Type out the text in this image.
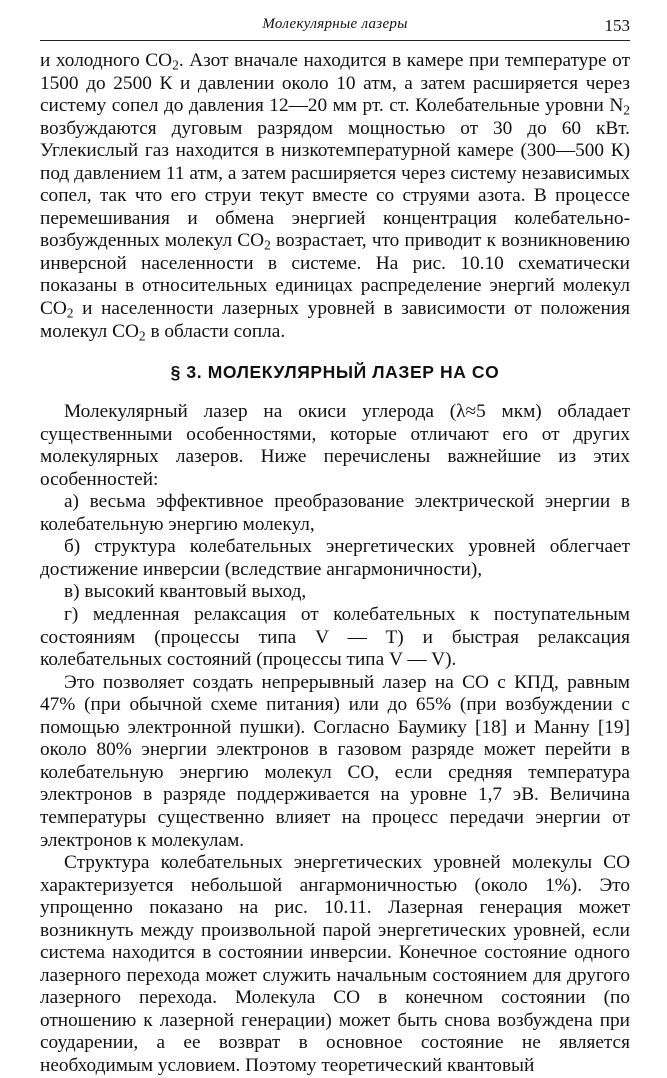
Молекулярные лазеры	153

и холодного $CO_2$. Азот вначале находится в камере при температуре от 1500 до 2500 К и давлении около 10 атм, а затем расширяется через систему сопел до давления 12—20 мм рт. ст. Колебательные уровни $N_2$ возбуждаются дуговым разрядом мощностью от 30 до 60 кВт. Углекислый газ находится в низкотемпературной камере (300—500 К) под давлением 11 атм, а затем расширяется через систему независимых сопел, так что его струи текут вместе со струями азота. В процессе перемешивания и обмена энергией концентрация колебательно-возбужденных молекул $CO_2$ возрастает, что приводит к возникновению инверсной населенности в системе. На рис. 10.10 схематически показаны в относительных единицах распределение энергий молекул $CO_2$ и населенности лазерных уровней в зависимости от положения молекул $CO_2$ в области сопла.

§ 3. МОЛЕКУЛЯРНЫЙ ЛАЗЕР НА CO

Молекулярный лазер на окиси углерода (λ≈5 мкм) обладает существенными особенностями, которые отличают его от других молекулярных лазеров. Ниже перечислены важнейшие из этих особенностей:

а) весьма эффективное преобразование электрической энергии в колебательную энергию молекул,

б) структура колебательных энергетических уровней облегчает достижение инверсии (вследствие ангармоничности),

в) высокий квантовый выход,

г) медленная релаксация от колебательных к поступательным состояниям (процессы типа V — T) и быстрая релаксация колебательных состояний (процессы типа V — V).

Это позволяет создать непрерывный лазер на CO с КПД, равным 47% (при обычной схеме питания) или до 65% (при возбуждении с помощью электронной пушки). Согласно Баумику [18] и Манну [19] около 80% энергии электронов в газовом разряде может перейти в колебательную энергию молекул CO, если средняя температура электронов в разряде поддерживается на уровне 1,7 эВ. Величина температуры существенно влияет на процесс передачи энергии от электронов к молекулам.

Структура колебательных энергетических уровней молекулы CO характеризуется небольшой ангармоничностью (около 1%). Это упрощенно показано на рис. 10.11. Лазерная генерация может возникнуть между произвольной парой энергетических уровней, если система находится в состоянии инверсии. Конечное состояние одного лазерного перехода может служить начальным состоянием для другого лазерного перехода. Молекула CO в конечном состоянии (по отношению к лазерной генерации) может быть снова возбуждена при соударении, а ее возврат в основное состояние не является необходимым условием. Поэтому теоретический квантовый
